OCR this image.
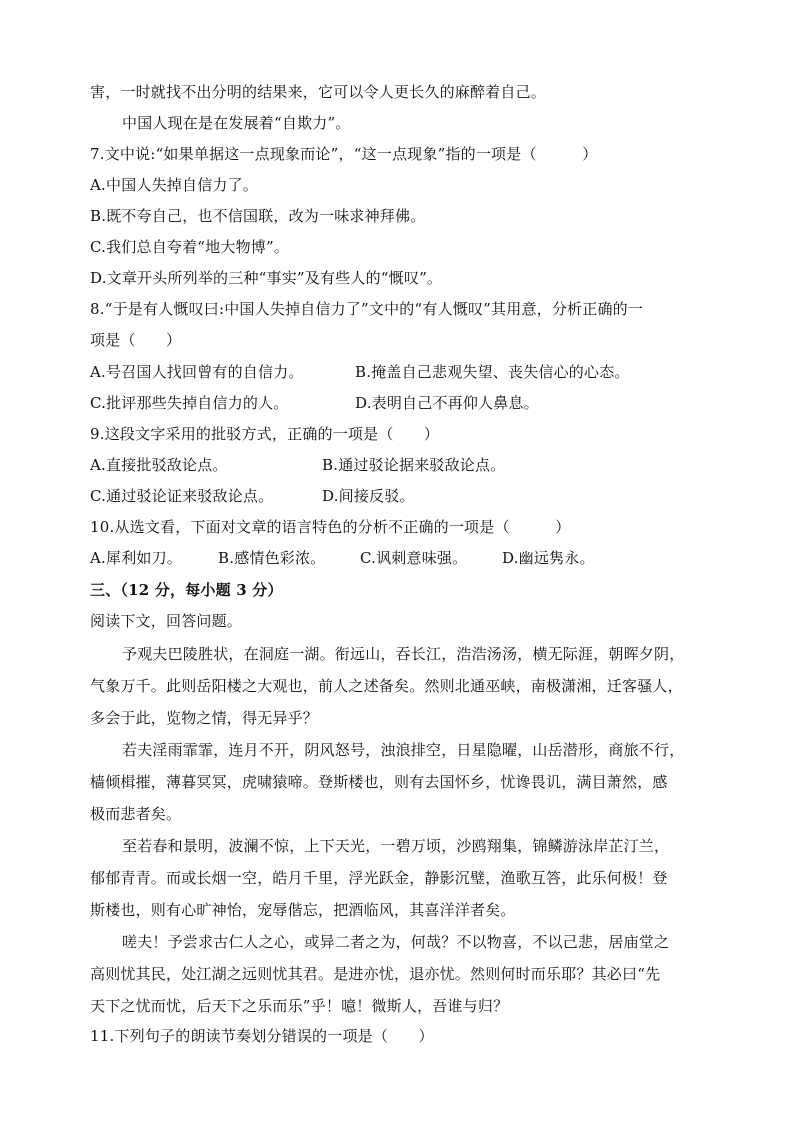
害，一时就找不出分明的结果来，它可以令人更长久的麻醉着自己。
中国人现在是在发展着“自欺力”。
7.文中说:“如果单据这一点现象而论”，“这一点现象”指的一项是（　　　）
A.中国人失掉自信力了。
B.既不夸自己，也不信国联，改为一味求神拜佛。
C.我们总自夸着“地大物博”。
D.文章开头所列举的三种“事实”及有些人的“慨叹”。
8.“于是有人慨叹曰:中国人失掉自信力了”文中的“有人慨叹”其用意，分析正确的一
项是（　　）
A.号召国人找回曾有的自信力。	B.掩盖自己悲观失望、丧失信心的心态。
C.批评那些失掉自信力的人。	D.表明自己不再仰人鼻息。
9.这段文字采用的批驳方式，正确的一项是（　　）
A.直接批驳敌论点。	B.通过驳论据来驳敌论点。
C.通过驳论证来驳敌论点。	D.间接反驳。
10.从选文看，下面对文章的语言特色的分析不正确的一项是（　　　）
A.犀利如刀。 B.感情色彩浓。 C.讽刺意味强。 D.幽远隽永。
三、（12 分，每小题 3 分）
阅读下文，回答问题。
予观夫巴陵胜状，在洞庭一湖。衔远山，吞长江，浩浩汤汤，横无际涯，朝晖夕阴，
气象万千。此则岳阳楼之大观也，前人之述备矣。然则北通巫峡，南极潇湘，迁客骚人，
多会于此，览物之情，得无异乎？
若夫淫雨霏霏，连月不开，阴风怒号，浊浪排空，日星隐曜，山岳潜形，商旅不行，
樯倾楫摧，薄暮冥冥，虎啸猿啼。登斯楼也，则有去国怀乡，忧谗畏讥，满目萧然，感
极而悲者矣。
至若春和景明，波澜不惊，上下天光，一碧万顷，沙鸥翔集，锦鳞游泳岸芷汀兰，
郁郁青青。而或长烟一空，皓月千里，浮光跃金，静影沉璧，渔歌互答，此乐何极！登
斯楼也，则有心旷神怡，宠辱偕忘，把酒临风，其喜洋洋者矣。
嗟夫！予尝求古仁人之心，或异二者之为，何哉？不以物喜，不以己悲，居庙堂之
高则忧其民，处江湖之远则忧其君。是进亦忧，退亦忧。然则何时而乐耶？其必曰“先
天下之忧而忧，后天下之乐而乐”乎！噫！微斯人，吾谁与归？
11.下列句子的朗读节奏划分错误的一项是（　　）
